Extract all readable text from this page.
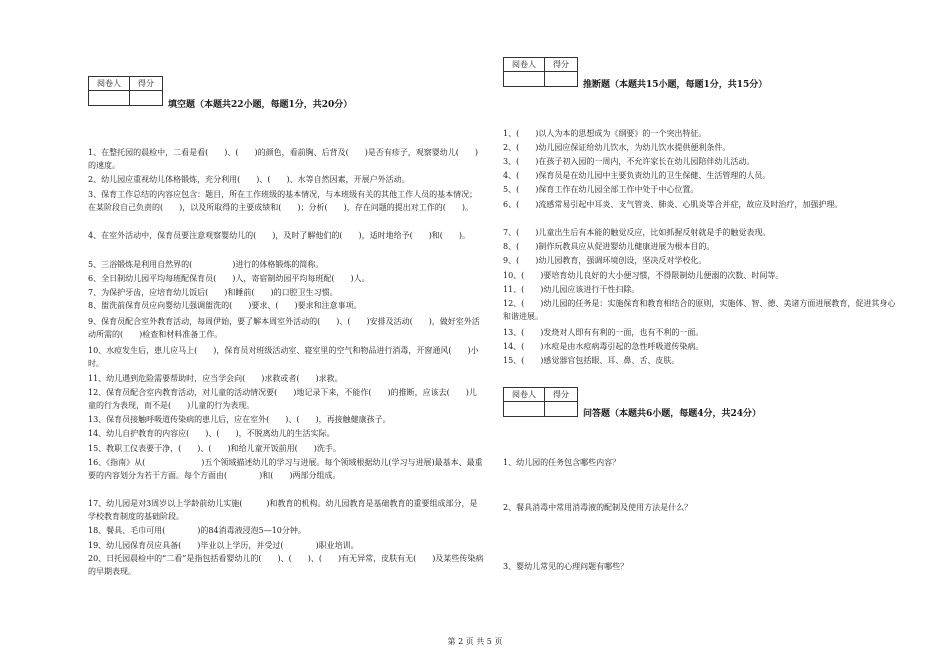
阅卷人	得分

填空题（本题共22小题，每题1分，共20分）
1、在整托园的晨检中，二看是看(　　)、(　　)的颜色，看前胸、后背及(　　)是否有疹子，观察婴幼儿(　　)的速度。
2、幼儿园应重视幼儿体格锻炼，充分利用(　　)、(　　)、水等自然因素，开展户外活动。
3、保育工作总结的内容应包含：题目，所在工作班级的基本情况，与本班级有关的其他工作人员的基本情况；在某阶段自己负责的(　　)，以及所取得的主要成绩和(　　)；分析(　　)，存在问题的提出对工作的(　　)。
4、在室外活动中，保育员要注意观察婴幼儿的(　　)，及时了解他们的(　　)，适时地给予(　　)和(　　)。
5、三浴锻炼是利用自然界的(　　　　　)进行的体格锻炼的简称。
6、全日制幼儿园平均每班配保育员(　　)人，寄宿制幼园平均每班配(　　)人。
7、为保护牙齿，应培育幼儿饭后(　　)和睡前(　　)的口腔卫生习惯。
8、盥洗前保育员应向婴幼儿强调盥洗的(　　)要求、(　　)要求和注意事项。
9、保育员配合室外教育活动，每周伊始，要了解本周室外活动的(　　)、(　　)安排及活动(　　)，做好室外活动所需的(　　)检查和材料准备工作。
10、水痘发生后，患儿应马上(　　)，保育员对班级活动室、寝室里的空气和物品进行消毒，开窗通风(　　)小时。
11、幼儿遇到危险需要帮助时，应当学会向(　　)求救或者(　　)求救。
12、保育员配合室内教育活动，对儿童的活动情况要(　　)地记录下来，不能作(　　)的推断，应该去(　　)儿童的行为表现，而不是(　　)儿童的行为表现。
13、保育员接触呼吸道传染病的患儿后，应在室外(　　)、(　　)，再接触健康孩子。
14、幼儿自护教育的内容应(　　)、(　　)，不脱离幼儿的生活实际。
15、教职工仪表要干净，(　　)、(　　)和给儿童开饭前用(　　)洗手。
16、《指南》从(　　　　　　　)五个领域描述幼儿的学习与进展。每个领域根据幼儿(学习与进展)最基本、最重要的内容划分为若干方面。每个方面由(　　　　)和(　　)两部分组成。
17、幼儿园是对3周岁以上学龄前幼儿实施(　　　)和教育的机构。幼儿园教育是基础教育的重要组成部分，是学校教育制度的基础阶段。
18、餐具、毛巾可用(　　　　)的84消毒液浸泡5—10分钟。
19、幼儿园保育员应具备(　　)毕业以上学历，并受过(　　　　)职业培训。
20、日托园晨检中的“二看”是指包括看婴幼儿的(　　)、(　　)、(　　)有无异常，皮肤有无(　　)及某些传染病的早期表现。
阅卷人	得分

推断题（本题共15小题，每题1分，共15分）
1、(　　)以人为本的思想成为《纲要》的一个突出特征。
2、(　　)幼儿园应保证给幼儿饮水，为幼儿饮水提供便利条件。
3、(　　)在孩子初入园的一周内，不允许家长在幼儿园陪伴幼儿活动。
4、(　　)保育员是在幼儿园中主要负责幼儿的卫生保健、生活管理的人员。
5、(　　)保育工作在幼儿园全部工作中处于中心位置。
6、(　　)流感常易引起中耳炎、支气管炎、肺炎、心肌炎等合并症，故应及时治疗，加强护理。
7、(　　)儿童出生后有本能的触觉反应，比如抓握反射就是手的触觉表现。
8、(　　)制作玩教具应从促进婴幼儿健康进展为根本目的。
9、(　　)幼儿园教育，强调环境创设，坚决反对学校化。
10、(　　)要培育幼儿良好的大小便习惯，不得限制幼儿便溺的次数、时间等。
11、(　　)幼儿园应该进行干性扫除。
12、(　　)幼儿园的任务是：实施保育和教育相结合的原则，实施体、智、德、美诸方面进展教育，促进其身心和谐进展。
13、(　　)发烧对人即有有利的一面，也有不利的一面。
14、(　　)水痘是由水痘病毒引起的急性呼吸道传染病。
15、(　　)感觉器官包括眼、耳、鼻、舌、皮肤。
阅卷人	得分

问答题（本题共6小题，每题4分，共24分）
1、幼儿园的任务包含哪些内容？
2、餐具消毒中常用消毒液的配制及使用方法是什么？
3、婴幼儿常见的心理问题有哪些？
第 2 页 共 5 页
